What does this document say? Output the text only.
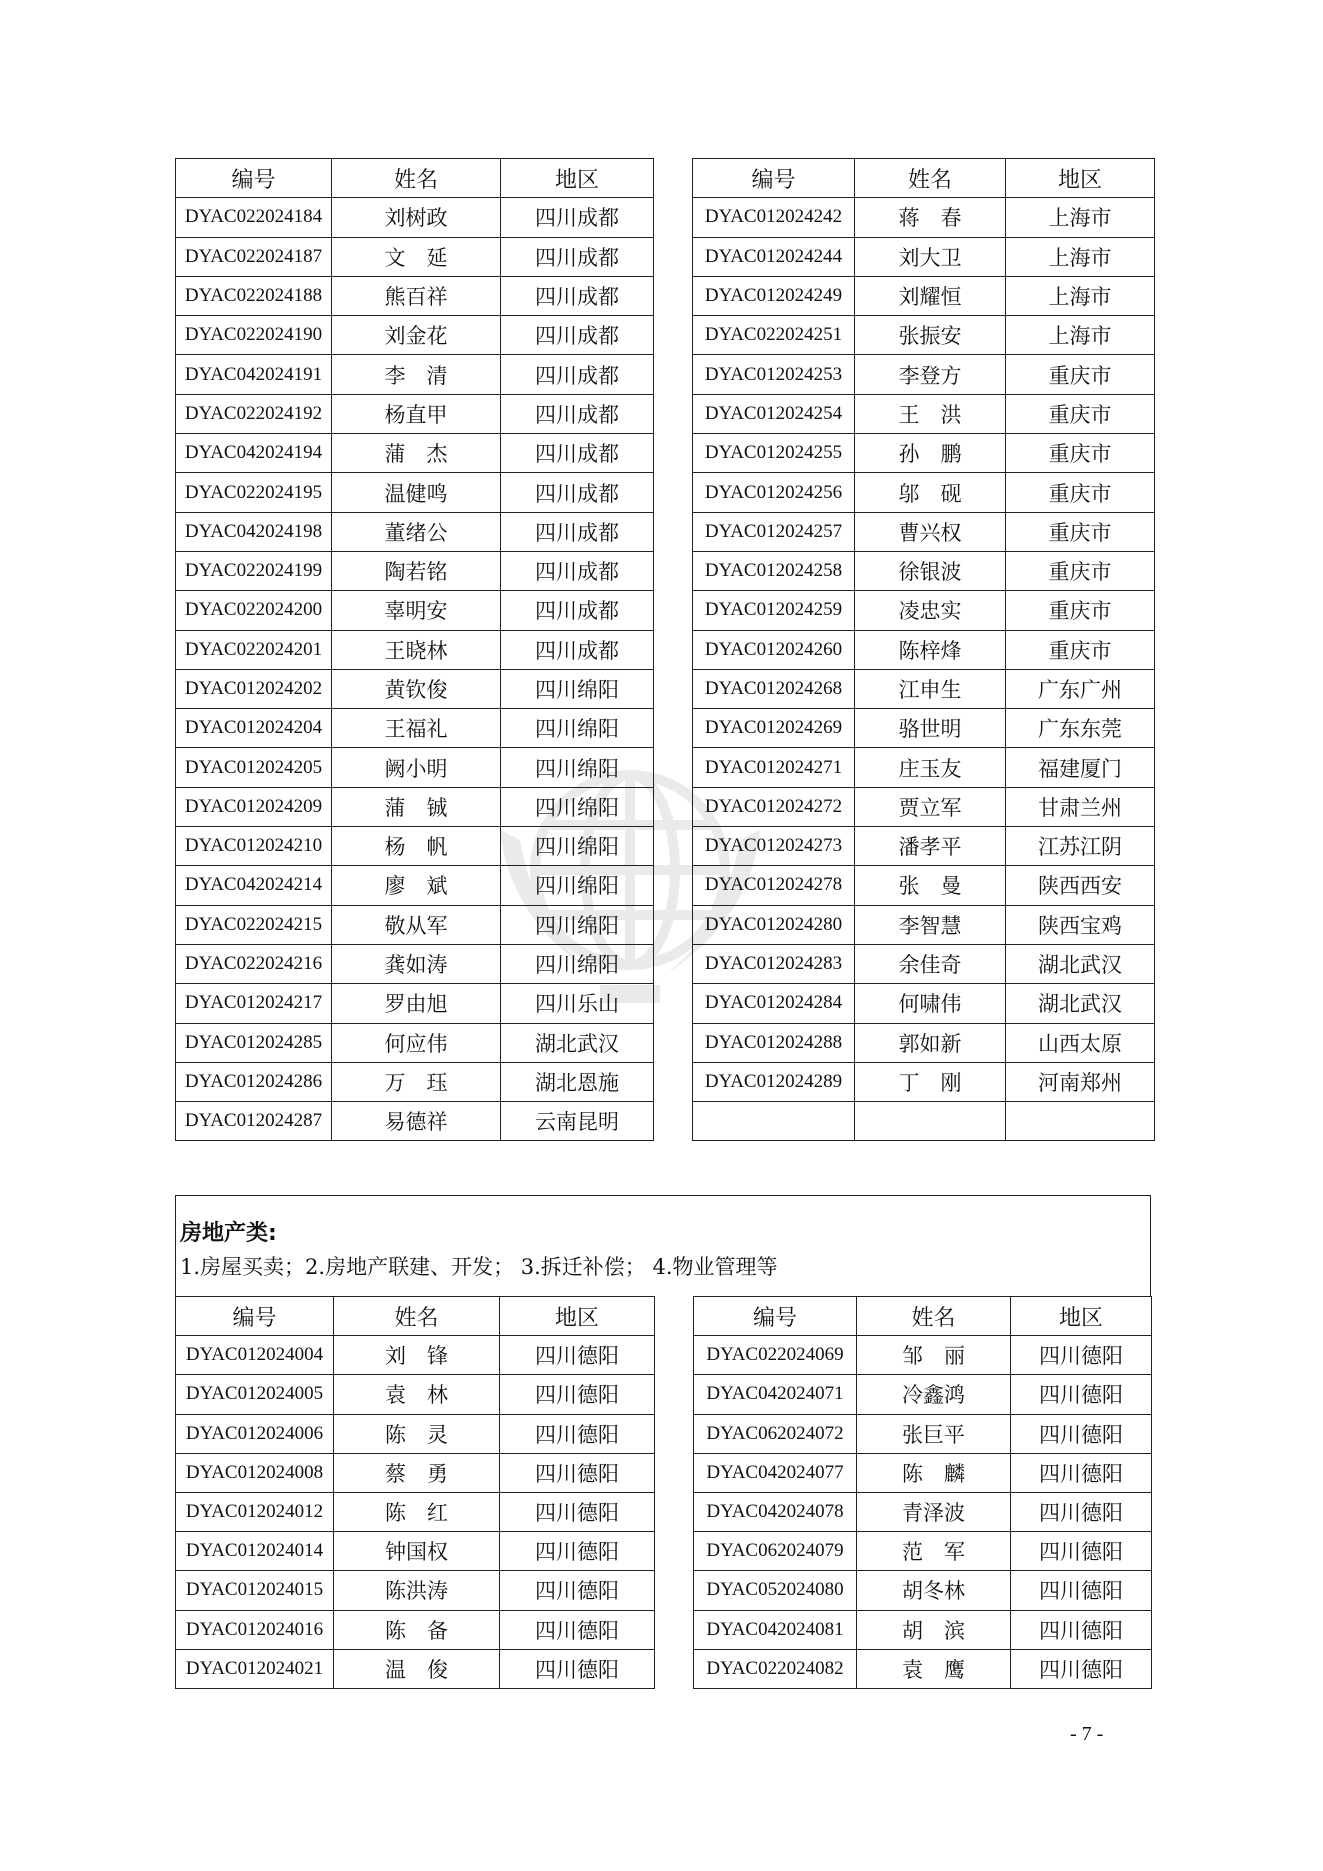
编号	姓名	地区		编号	姓名	地区
DYAC022024184	刘树政	四川成都		DYAC012024242	蒋　春	上海市
DYAC022024187	文　延	四川成都		DYAC012024244	刘大卫	上海市
DYAC022024188	熊百祥	四川成都		DYAC012024249	刘耀恒	上海市
DYAC022024190	刘金花	四川成都		DYAC022024251	张振安	上海市
DYAC042024191	李　清	四川成都		DYAC012024253	李登方	重庆市
DYAC022024192	杨直甲	四川成都		DYAC012024254	王　洪	重庆市
DYAC042024194	蒲　杰	四川成都		DYAC012024255	孙　鹏	重庆市
DYAC022024195	温健鸣	四川成都		DYAC012024256	邬　砚	重庆市
DYAC042024198	董绪公	四川成都		DYAC012024257	曹兴权	重庆市
DYAC022024199	陶若铭	四川成都		DYAC012024258	徐银波	重庆市
DYAC022024200	辜明安	四川成都		DYAC012024259	凌忠实	重庆市
DYAC022024201	王晓林	四川成都		DYAC012024260	陈梓烽	重庆市
DYAC012024202	黄钦俊	四川绵阳		DYAC012024268	江申生	广东广州
DYAC012024204	王福礼	四川绵阳		DYAC012024269	骆世明	广东东莞
DYAC012024205	阙小明	四川绵阳		DYAC012024271	庄玉友	福建厦门
DYAC012024209	蒲　铖	四川绵阳		DYAC012024272	贾立军	甘肃兰州
DYAC012024210	杨　帆	四川绵阳		DYAC012024273	潘孝平	江苏江阴
DYAC042024214	廖　斌	四川绵阳		DYAC012024278	张　曼	陕西西安
DYAC022024215	敬从军	四川绵阳		DYAC012024280	李智慧	陕西宝鸡
DYAC022024216	龚如涛	四川绵阳		DYAC012024283	余佳奇	湖北武汉
DYAC012024217	罗由旭	四川乐山		DYAC012024284	何啸伟	湖北武汉
DYAC012024285	何应伟	湖北武汉		DYAC012024288	郭如新	山西太原
DYAC012024286	万　珏	湖北恩施		DYAC012024289	丁　刚	河南郑州
DYAC012024287	易德祥	云南昆明				
房地产类:
1.房屋买卖；2.房地产联建、开发； 3.拆迁补偿； 4.物业管理等
编号	姓名	地区		编号	姓名	地区
DYAC012024004	刘　锋	四川德阳		DYAC022024069	邹　丽	四川德阳
DYAC012024005	袁　林	四川德阳		DYAC042024071	冷鑫鸿	四川德阳
DYAC012024006	陈　灵	四川德阳		DYAC062024072	张巨平	四川德阳
DYAC012024008	蔡　勇	四川德阳		DYAC042024077	陈　麟	四川德阳
DYAC012024012	陈　红	四川德阳		DYAC042024078	青泽波	四川德阳
DYAC012024014	钟国权	四川德阳		DYAC062024079	范　军	四川德阳
DYAC012024015	陈洪涛	四川德阳		DYAC052024080	胡冬林	四川德阳
DYAC012024016	陈　备	四川德阳		DYAC042024081	胡　滨	四川德阳
DYAC012024021	温　俊	四川德阳		DYAC022024082	袁　鹰	四川德阳
- 7 -
